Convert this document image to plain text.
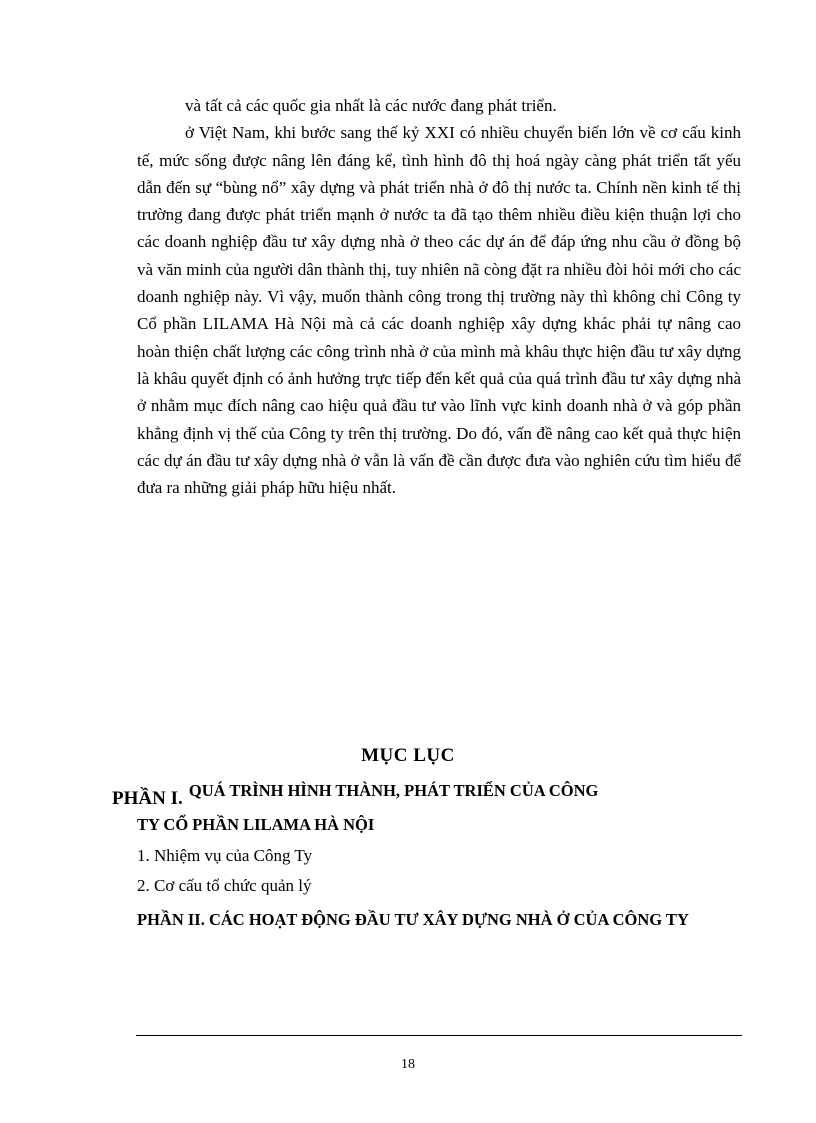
và tất cả các quốc gia nhất là các nước đang phát triển.

ở Việt Nam, khi bước sang thế kỷ XXI có nhiều chuyển biến lớn về cơ cấu kinh tế, mức sống được nâng lên đáng kể, tình hình đô thị hoá ngày càng phát triển tất yếu dẫn đến sự “bùng nổ” xây dựng và phát triển nhà ở đô thị nước ta. Chính nền kinh tế thị trường đang được phát triển mạnh ở nước ta đã tạo thêm nhiều điều kiện thuận lợi cho các doanh nghiệp đầu tư xây dựng nhà ở theo các dự án để đáp ứng nhu cầu ở đồng bộ và văn minh của người dân thành thị, tuy nhiên nã còng đặt ra nhiều đòi hỏi mới cho các doanh nghiệp này. Vì vậy, muốn thành công trong thị trường này thì không chỉ Công ty Cổ phần LILAMA Hà Nội mà cả các doanh nghiệp xây dựng khác phải tự nâng cao hoàn thiện chất lượng các công trình nhà ở của mình mà khâu thực hiện đầu tư xây dựng là khâu quyết định có ảnh hưởng trực tiếp đến kết quả của quá trình đầu tư xây dựng nhà ở nhằm mục đích nâng cao hiệu quả đầu tư vào lĩnh vực kinh doanh nhà ở và góp phần khẳng định vị thế của Công ty trên thị trường. Do đó, vấn đề nâng cao kết quả thực hiện các dự án đầu tư xây dựng nhà ở vẫn là vấn đề cần được đưa vào nghiên cứu tìm hiểu để đưa ra những giải pháp hữu hiệu nhất.

MỤC LỤC
PHẦN I. QUÁ TRÌNH HÌNH THÀNH, PHÁT TRIỂN CỦA CÔNG
TY CỔ PHẦN LILAMA HÀ NỘI
1. Nhiệm vụ của Công Ty
2. Cơ cấu tổ chức quản lý
PHẦN II. CÁC HOẠT ĐỘNG ĐẦU TƯ XÂY DỰNG NHÀ Ở CỦA CÔNG TY
18
